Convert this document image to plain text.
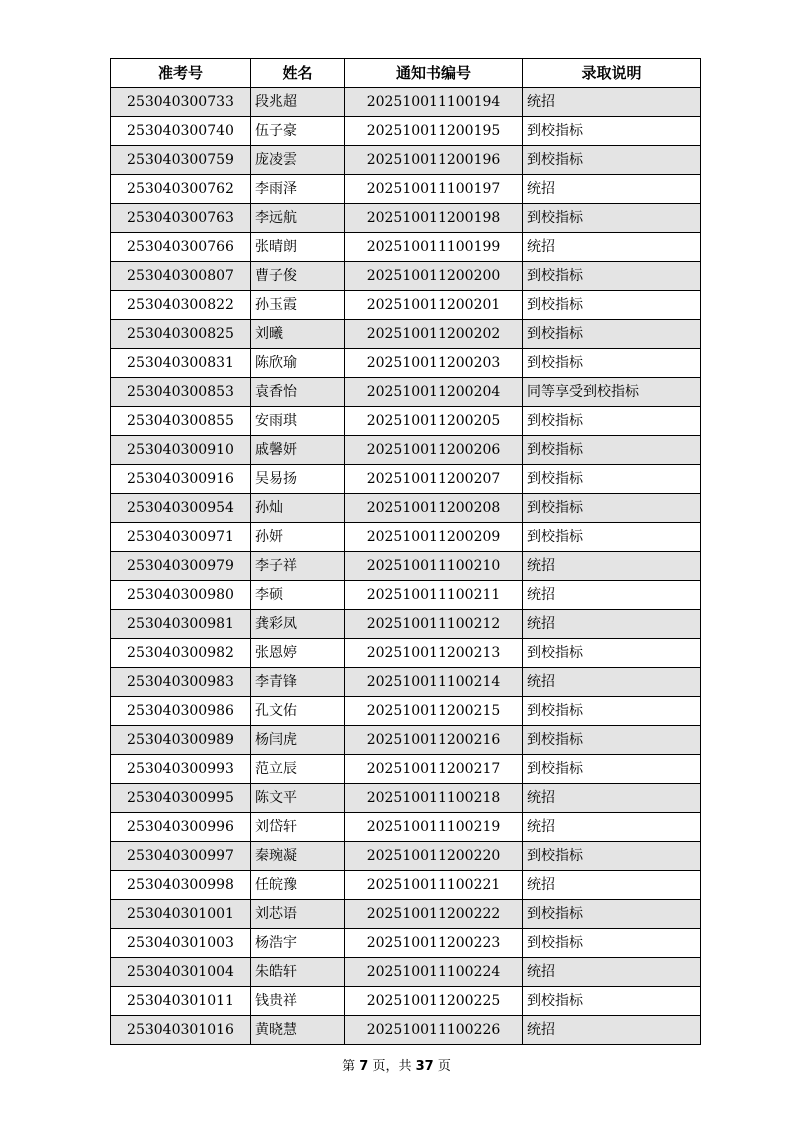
准考号	姓名	通知书编号	录取说明
253040300733	段兆超	202510011100194	统招
253040300740	伍子豪	202510011200195	到校指标
253040300759	庞凌雲	202510011200196	到校指标
253040300762	李雨泽	202510011100197	统招
253040300763	李远航	202510011200198	到校指标
253040300766	张晴朗	202510011100199	统招
253040300807	曹子俊	202510011200200	到校指标
253040300822	孙玉霞	202510011200201	到校指标
253040300825	刘曦	202510011200202	到校指标
253040300831	陈欣瑜	202510011200203	到校指标
253040300853	袁香怡	202510011200204	同等享受到校指标
253040300855	安雨琪	202510011200205	到校指标
253040300910	戚馨妍	202510011200206	到校指标
253040300916	吴易扬	202510011200207	到校指标
253040300954	孙灿	202510011200208	到校指标
253040300971	孙妍	202510011200209	到校指标
253040300979	李子祥	202510011100210	统招
253040300980	李硕	202510011100211	统招
253040300981	龚彩凤	202510011100212	统招
253040300982	张恩婷	202510011200213	到校指标
253040300983	李青锋	202510011100214	统招
253040300986	孔文佑	202510011200215	到校指标
253040300989	杨闫虎	202510011200216	到校指标
253040300993	范立辰	202510011200217	到校指标
253040300995	陈文平	202510011100218	统招
253040300996	刘岱轩	202510011100219	统招
253040300997	秦琬凝	202510011200220	到校指标
253040300998	任皖豫	202510011100221	统招
253040301001	刘芯语	202510011200222	到校指标
253040301003	杨浩宇	202510011200223	到校指标
253040301004	朱皓轩	202510011100224	统招
253040301011	钱贵祥	202510011200225	到校指标
253040301016	黄晓慧	202510011100226	统招
第 7 页，共 37 页
